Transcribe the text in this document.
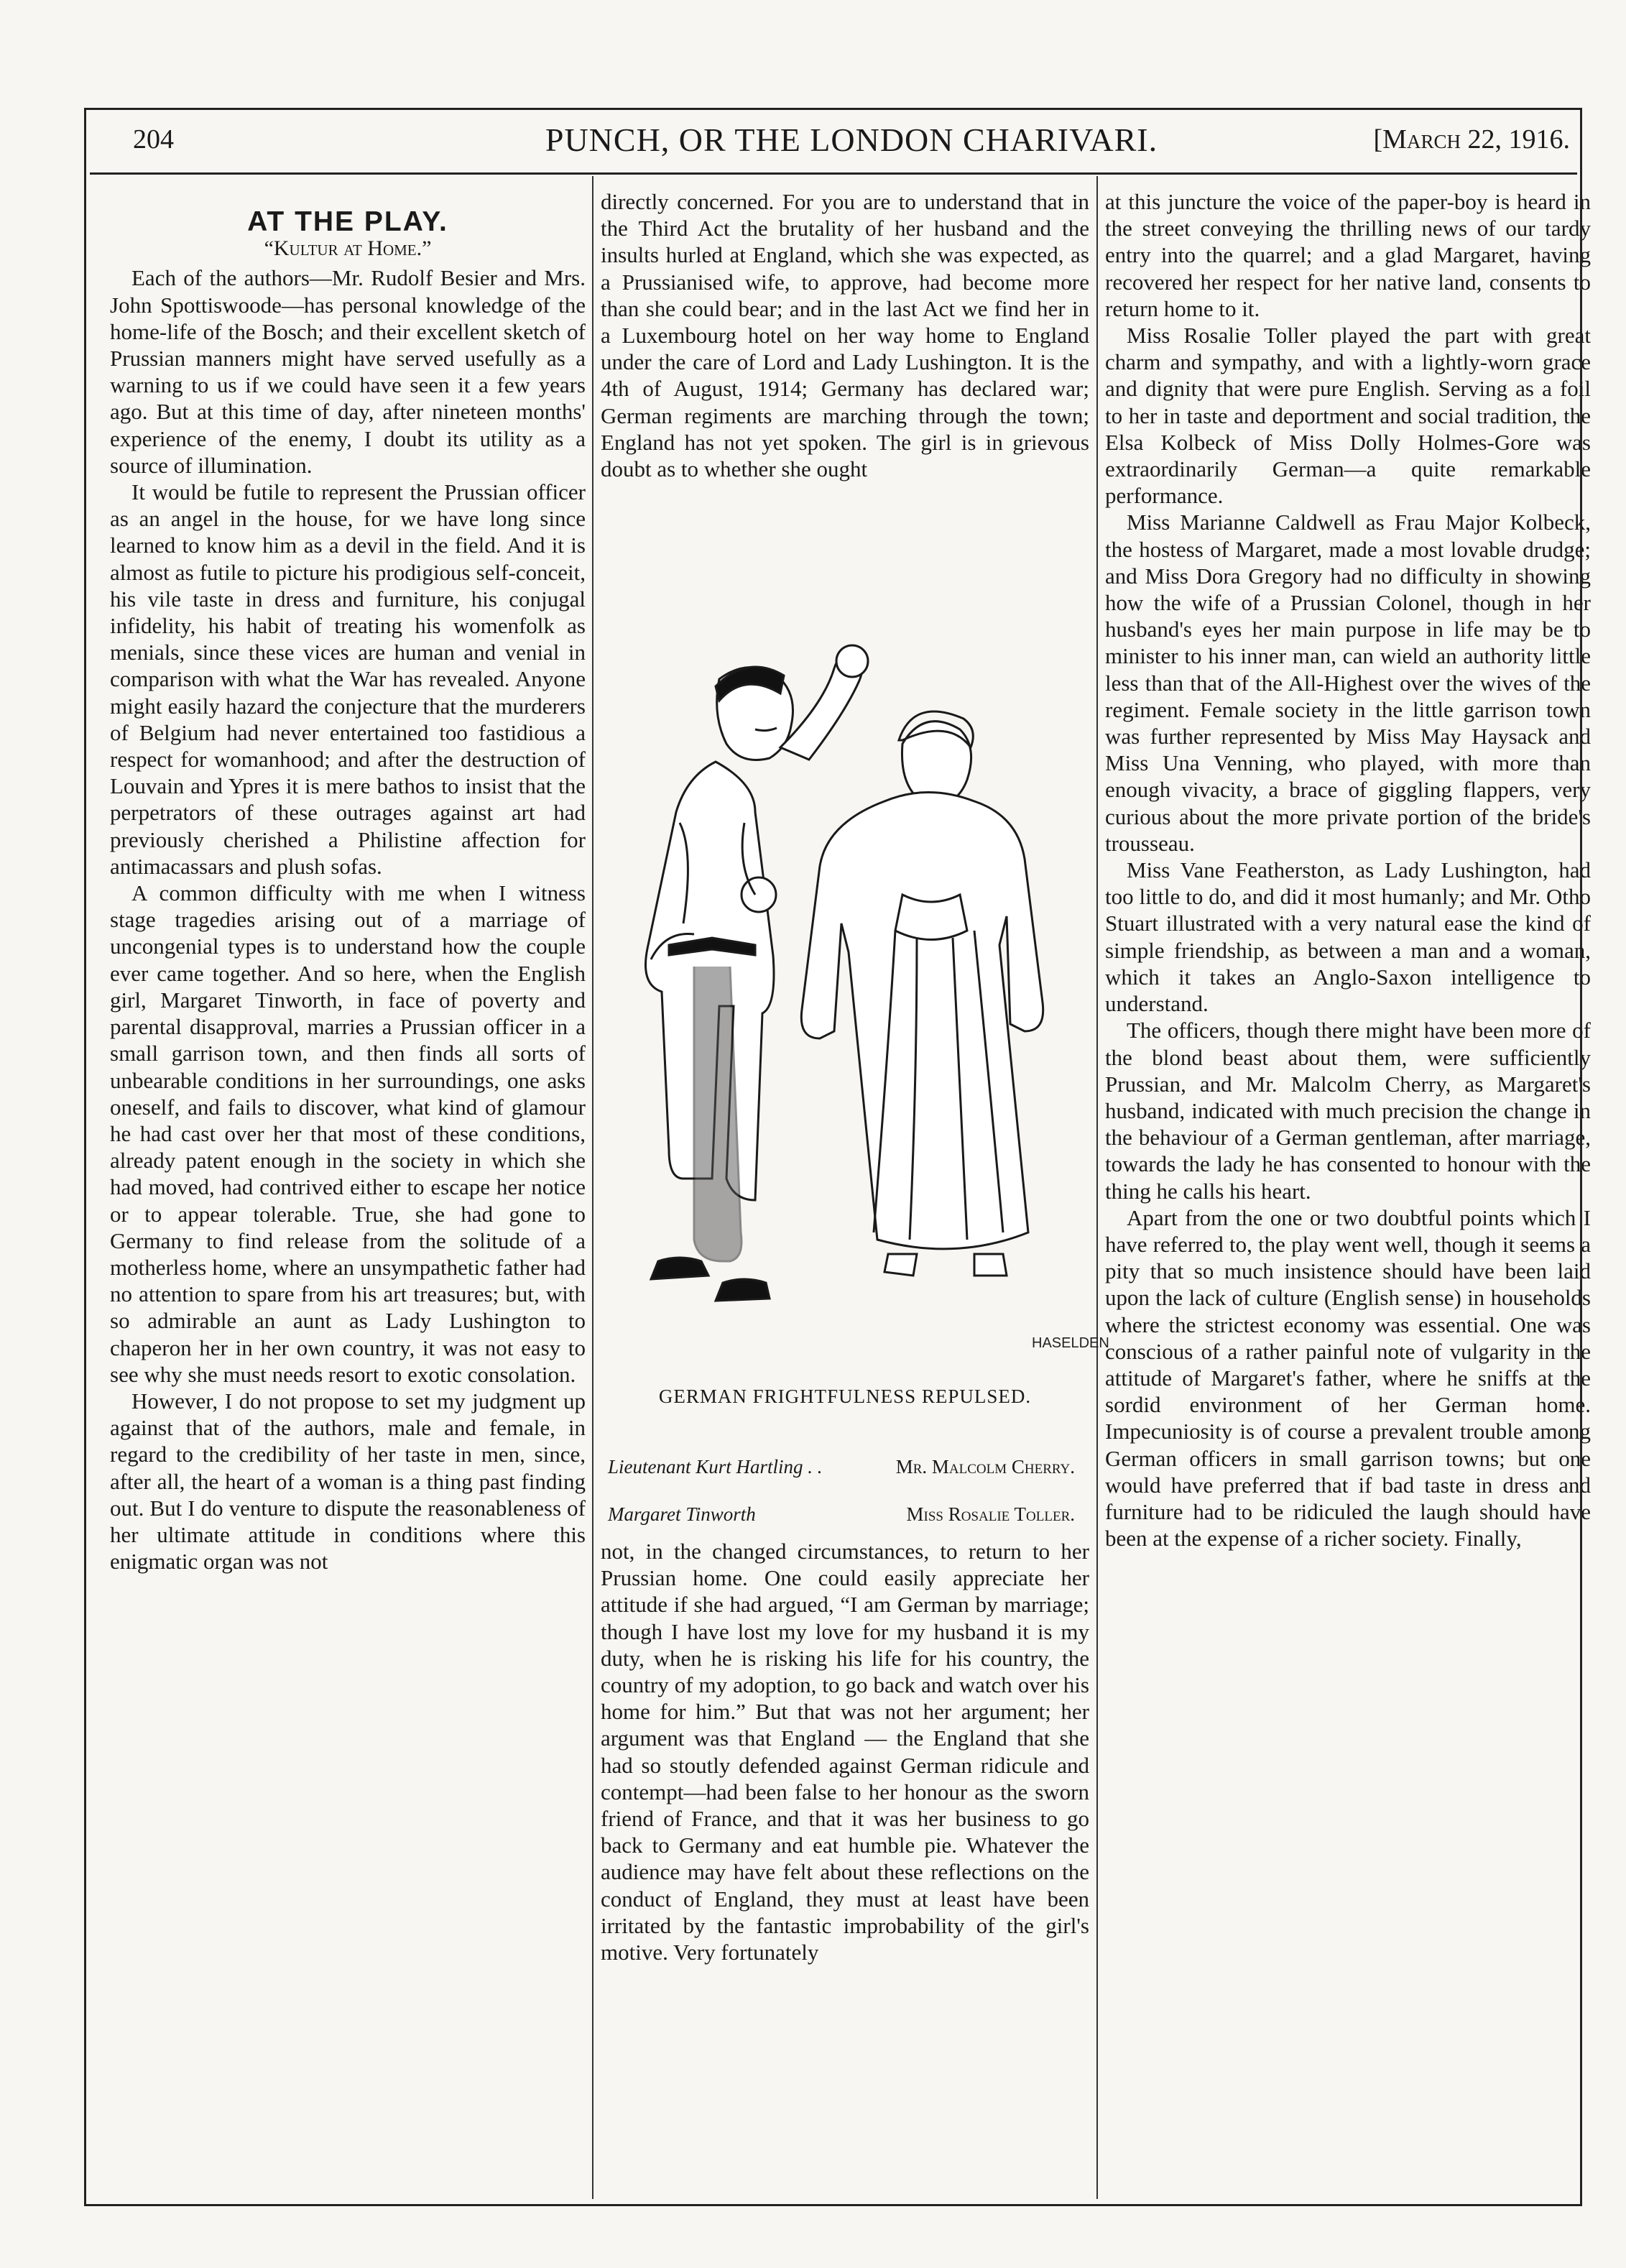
204	PUNCH, OR THE LONDON CHARIVARI.	[March 22, 1916.
AT THE PLAY.
“Kultur at Home.”

Each of the authors—Mr. Rudolf Besier and Mrs. John Spottiswoode—has personal knowledge of the home-life of the Bosch; and their excellent sketch of Prussian manners might have served usefully as a warning to us if we could have seen it a few years ago. But at this time of day, after nineteen months' experience of the enemy, I doubt its utility as a source of illumination.

It would be futile to represent the Prussian officer as an angel in the house, for we have long since learned to know him as a devil in the field. And it is almost as futile to picture his prodigious self-conceit, his vile taste in dress and furniture, his conjugal infidelity, his habit of treating his womenfolk as menials, since these vices are human and venial in comparison with what the War has revealed. Anyone might easily hazard the conjecture that the murderers of Belgium had never entertained too fastidious a respect for womanhood; and after the destruction of Louvain and Ypres it is mere bathos to insist that the perpetrators of these outrages against art had previously cherished a Philistine affection for antimacassars and plush sofas.

A common difficulty with me when I witness stage tragedies arising out of a marriage of uncongenial types is to understand how the couple ever came together. And so here, when the English girl, Margaret Tinworth, in face of poverty and parental disapproval, marries a Prussian officer in a small garrison town, and then finds all sorts of unbearable conditions in her surroundings, one asks oneself, and fails to discover, what kind of glamour he had cast over her that most of these conditions, already patent enough in the society in which she had moved, had contrived either to escape her notice or to appear tolerable. True, she had gone to Germany to find release from the solitude of a motherless home, where an unsympathetic father had no attention to spare from his art treasures; but, with so admirable an aunt as Lady Lushington to chaperon her in her own country, it was not easy to see why she must needs resort to exotic consolation.

However, I do not propose to set my judgment up against that of the authors, male and female, in regard to the credibility of her taste in men, since, after all, the heart of a woman is a thing past finding out. But I do venture to dispute the reasonableness of her ultimate attitude in conditions where this enigmatic organ was not

directly concerned. For you are to understand that in the Third Act the brutality of her husband and the insults hurled at England, which she was expected, as a Prussianised wife, to approve, had become more than she could bear; and in the last Act we find her in a Luxembourg hotel on her way home to England under the care of Lord and Lady Lushington. It is the 4th of August, 1914; Germany has declared war; German regiments are marching through the town; England has not yet spoken. The girl is in grievous doubt as to whether she ought

HASELDEN
GERMAN FRIGHTFULNESS REPULSED.
Lieutenant Kurt Hartling . .	Mr. Malcolm Cherry.
Margaret Tinworth	Miss Rosalie Toller.

not, in the changed circumstances, to return to her Prussian home. One could easily appreciate her attitude if she had argued, “I am German by marriage; though I have lost my love for my husband it is my duty, when he is risking his life for his country, the country of my adoption, to go back and watch over his home for him.” But that was not her argument; her argument was that England — the England that she had so stoutly defended against German ridicule and contempt—had been false to her honour as the sworn friend of France, and that it was her business to go back to Germany and eat humble pie. Whatever the audience may have felt about these reflections on the conduct of England, they must at least have been irritated by the fantastic improbability of the girl's motive. Very fortunately

at this juncture the voice of the paper-boy is heard in the street conveying the thrilling news of our tardy entry into the quarrel; and a glad Margaret, having recovered her respect for her native land, consents to return home to it.

Miss Rosalie Toller played the part with great charm and sympathy, and with a lightly-worn grace and dignity that were pure English. Serving as a foil to her in taste and deportment and social tradition, the Elsa Kolbeck of Miss Dolly Holmes-Gore was extraordinarily German—a quite remarkable performance.

Miss Marianne Caldwell as Frau Major Kolbeck, the hostess of Margaret, made a most lovable drudge; and Miss Dora Gregory had no difficulty in showing how the wife of a Prussian Colonel, though in her husband's eyes her main purpose in life may be to minister to his inner man, can wield an authority little less than that of the All-Highest over the wives of the regiment. Female society in the little garrison town was further represented by Miss May Haysack and Miss Una Venning, who played, with more than enough vivacity, a brace of giggling flappers, very curious about the more private portion of the bride's trousseau.

Miss Vane Featherston, as Lady Lushington, had too little to do, and did it most humanly; and Mr. Otho Stuart illustrated with a very natural ease the kind of simple friendship, as between a man and a woman, which it takes an Anglo-Saxon intelligence to understand.

The officers, though there might have been more of the blond beast about them, were sufficiently Prussian, and Mr. Malcolm Cherry, as Margaret's husband, indicated with much precision the change in the behaviour of a German gentleman, after marriage, towards the lady he has consented to honour with the thing he calls his heart.

Apart from the one or two doubtful points which I have referred to, the play went well, though it seems a pity that so much insistence should have been laid upon the lack of culture (English sense) in households where the strictest economy was essential. One was conscious of a rather painful note of vulgarity in the attitude of Margaret's father, where he sniffs at the sordid environment of her German home. Impecuniosity is of course a prevalent trouble among German officers in small garrison towns; but one would have preferred that if bad taste in dress and furniture had to be ridiculed the laugh should have been at the expense of a richer society. Finally,
